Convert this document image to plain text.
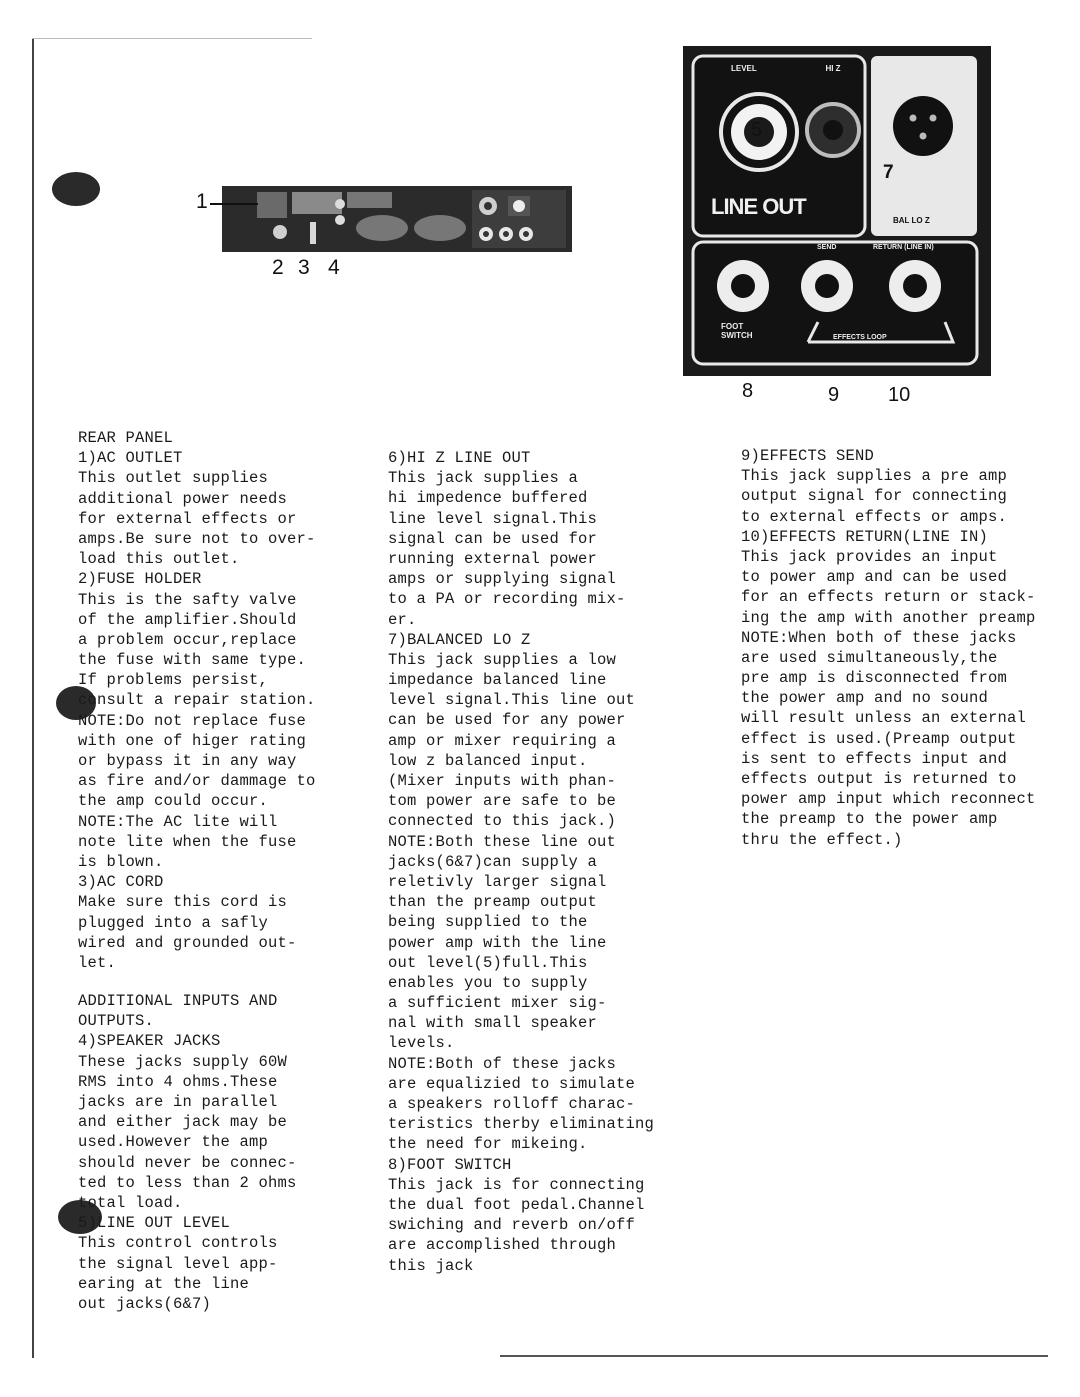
1
2 3 4
LEVEL	HI Z
5
7
LINE OUT
BAL LO Z
SEND	RETURN (LINE IN)
FOOT SWITCH	EFFECTS LOOP
8	9 10
REAR PANEL
1)AC OUTLET
This outlet supplies
additional power needs
for external effects or
amps.Be sure not to over-
load this outlet.
2)FUSE HOLDER
This is the safty valve
of the amplifier.Should
a problem occur,replace
the fuse with same type.
If problems persist,
consult a repair station.
NOTE:Do not replace fuse
with one of higer rating
or bypass it in any way
as fire and/or dammage to
the amp could occur.
NOTE:The AC lite will
note lite when the fuse
is blown.
3)AC CORD
Make sure this cord is
plugged into a safly
wired and grounded out-
let.
ADDITIONAL INPUTS AND
OUTPUTS.
4)SPEAKER JACKS
These jacks supply 60W
RMS into 4 ohms.These
jacks are in parallel
and either jack may be
used.However the amp
should never be connec-
ted to less than 2 ohms
total load.
5)LINE OUT LEVEL
This control controls
the signal level app-
earing at the line
out jacks(6&7)
6)HI Z LINE OUT
This jack supplies a
hi impedence buffered
line level signal.This
signal can be used for
running external power
amps or supplying signal
to a PA or recording mix-
er.
7)BALANCED LO Z
This jack supplies a low
impedance balanced line
level signal.This line out
can be used for any power
amp or mixer requiring a
low z balanced input.
(Mixer inputs with phan-
tom power are safe to be
connected to this jack.)
NOTE:Both these line out
jacks(6&7)can supply a
reletivly larger signal
than the preamp output
being supplied to the
power amp with the line
out level(5)full.This
enables you to supply
a sufficient mixer sig-
nal with small speaker
levels.
NOTE:Both of these jacks
are equalizied to simulate
a speakers rolloff charac-
teristics therby eliminating
the need for mikeing.
8)FOOT SWITCH
This jack is for connecting
the dual foot pedal.Channel
swiching and reverb on/off
are accomplished through
this jack
9)EFFECTS SEND
This jack supplies a pre amp
output signal for connecting
to external effects or amps.
10)EFFECTS RETURN(LINE IN)
This jack provides an input
to power amp and can be used
for an effects return or stack-
ing the amp with another preamp
NOTE:When both of these jacks
are used simultaneously,the
pre amp is disconnected from
the power amp and no sound
will result unless an external
effect is used.(Preamp output
is sent to effects input and
effects output is returned to
power amp input which reconnect
the preamp to the power amp
thru the effect.)
